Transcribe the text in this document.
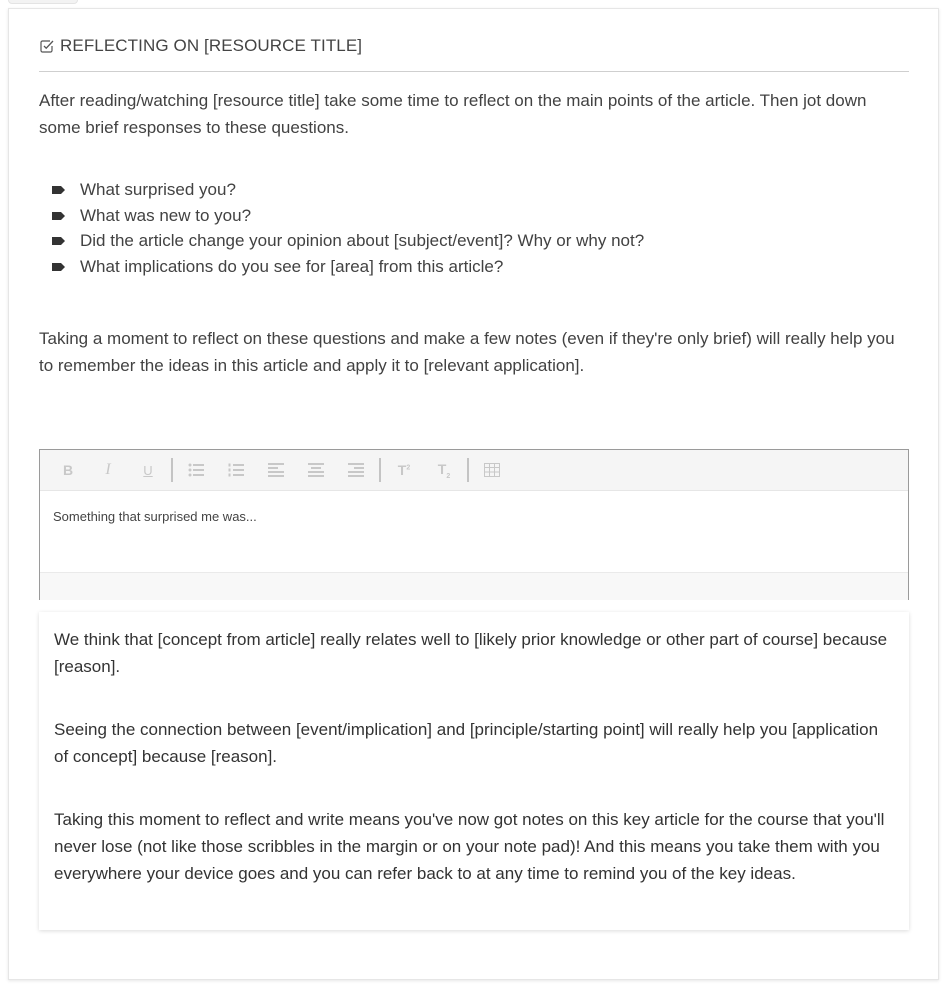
REFLECTING ON [RESOURCE TITLE]

After reading/watching [resource title] take some time to reflect on the main points of the article. Then jot down some brief responses to these questions.

What surprised you?
What was new to you?
Did the article change your opinion about [subject/event]? Why or why not?
What implications do you see for [area] from this article?

Taking a moment to reflect on these questions and make a few notes (even if they're only brief) will really help you to remember the ideas in this article and apply it to [relevant application].

B I	U	$T^2$ $T_2$
Something that surprised me was...

We think that [concept from article] really relates well to [likely prior knowledge or other part of course] because [reason].

Seeing the connection between [event/implication] and [principle/starting point] will really help you [application of concept] because [reason].

Taking this moment to reflect and write means you've now got notes on this key article for the course that you'll never lose (not like those scribbles in the margin or on your note pad)! And this means you take them with you everywhere your device goes and you can refer back to at any time to remind you of the key ideas.
